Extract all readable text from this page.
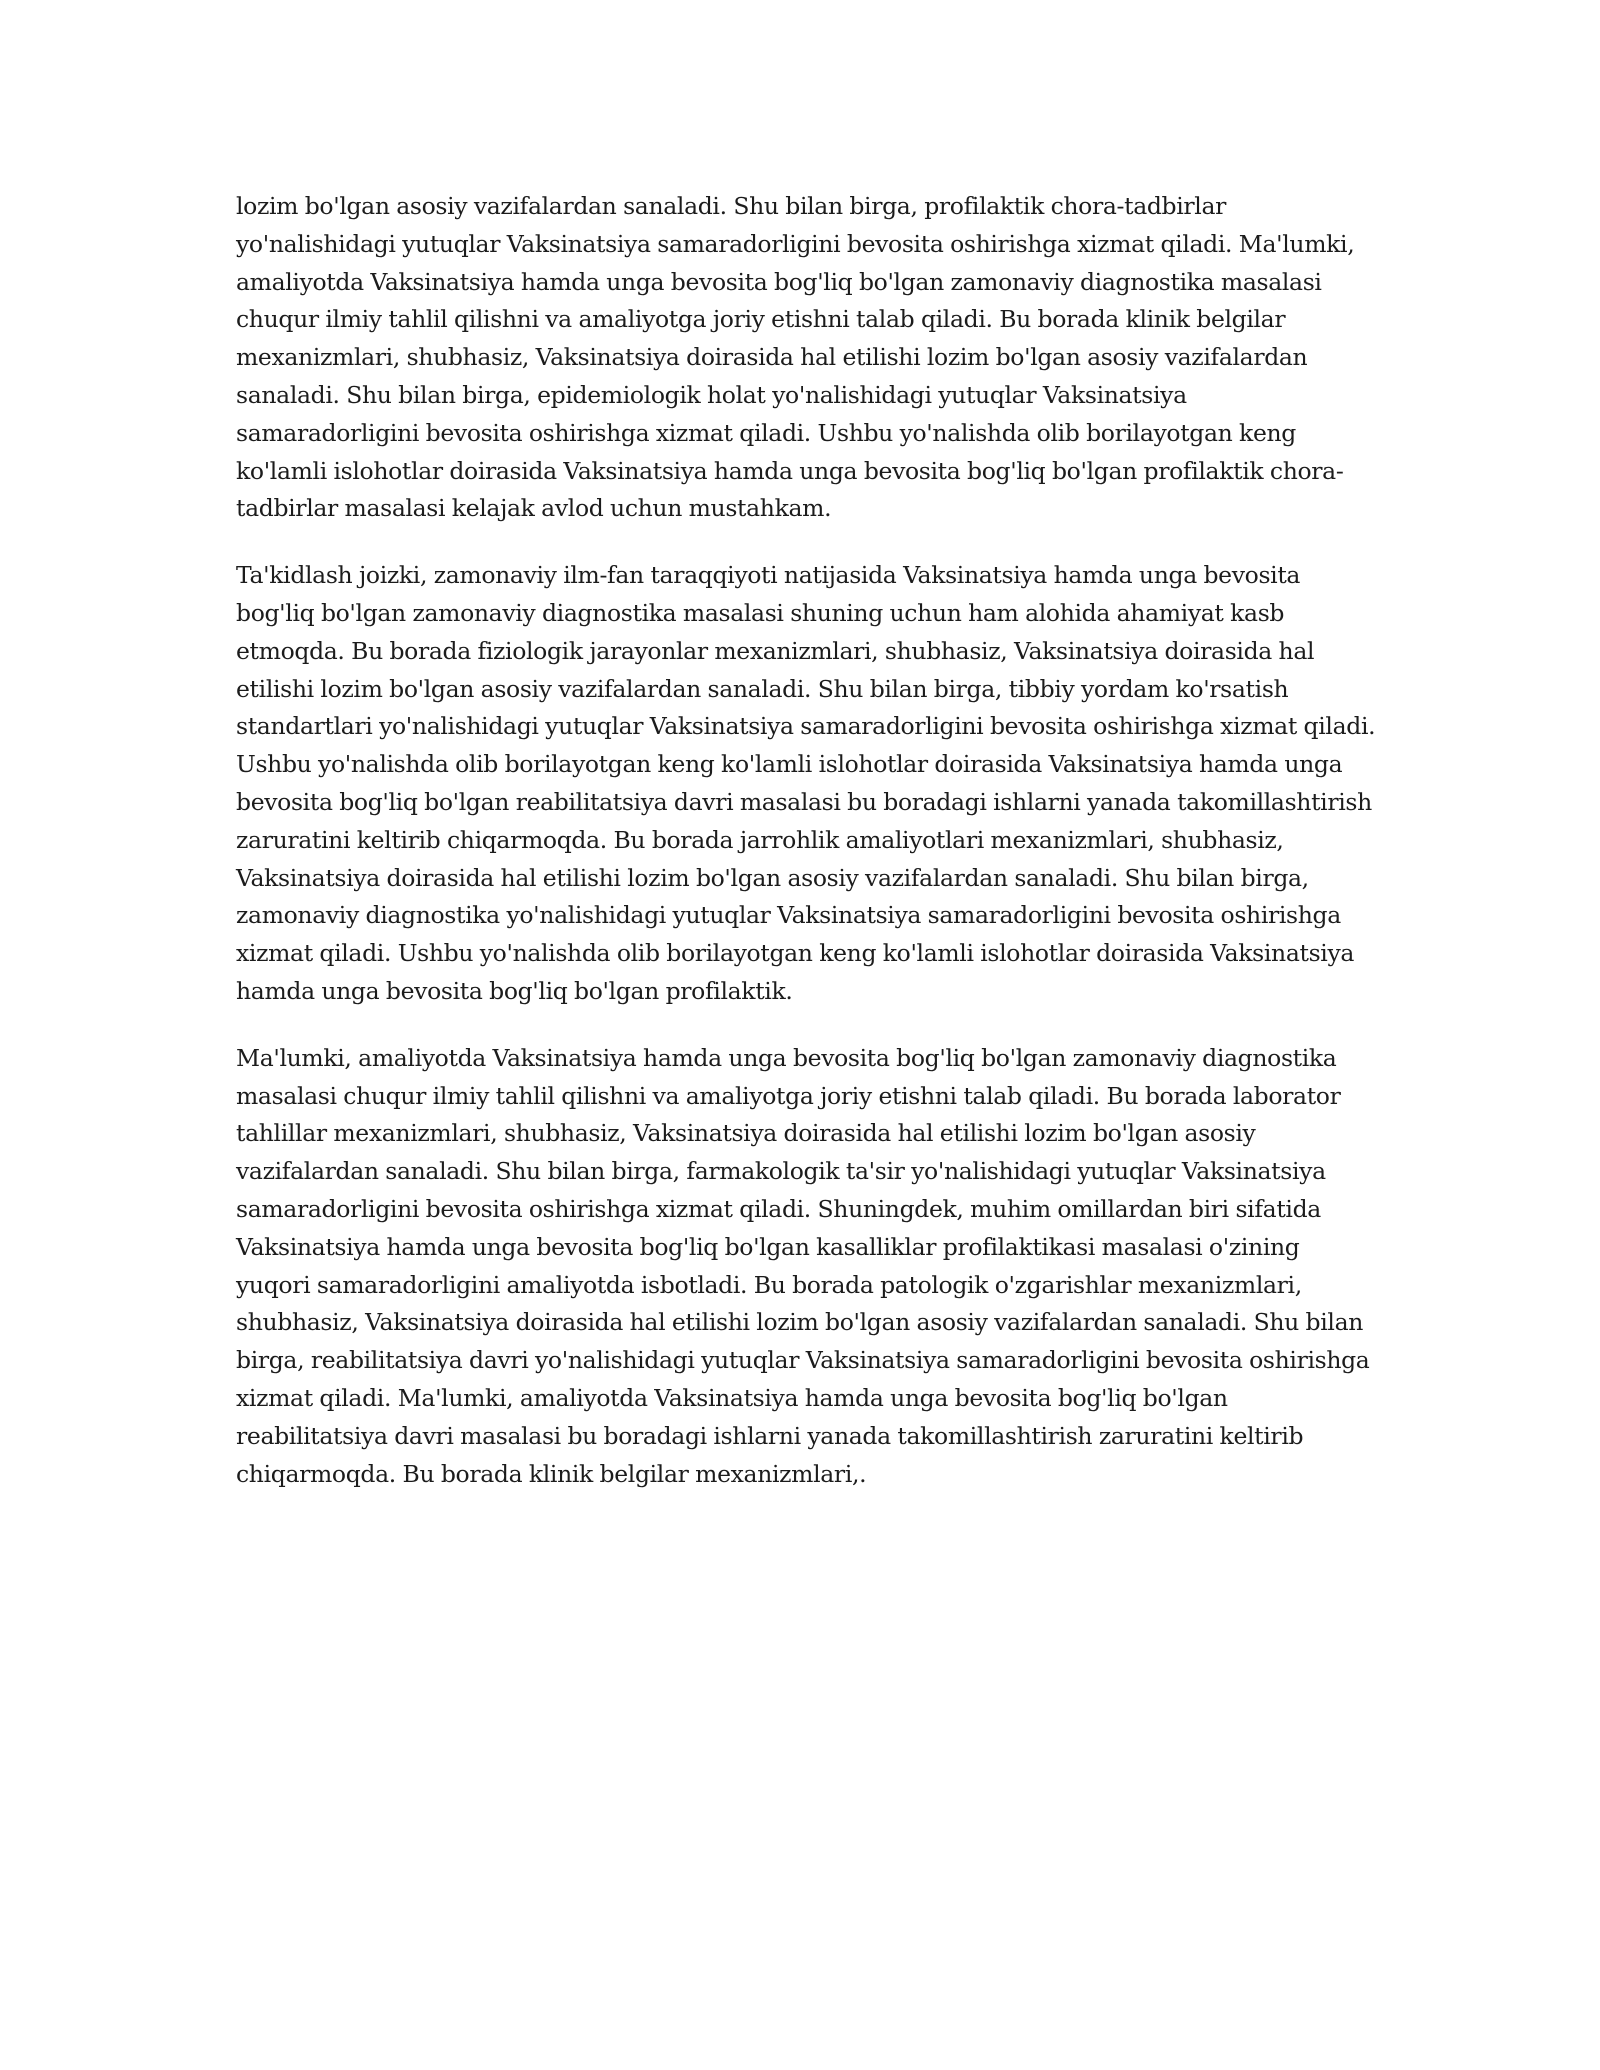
lozim bo'lgan asosiy vazifalardan sanaladi. Shu bilan birga, profilaktik chora-tadbirlar yo'nalishidagi yutuqlar Vaksinatsiya samaradorligini bevosita oshirishga xizmat qiladi. Ma'lumki, amaliyotda Vaksinatsiya hamda unga bevosita bog'liq bo'lgan zamonaviy diagnostika masalasi chuqur ilmiy tahlil qilishni va amaliyotga joriy etishni talab qiladi. Bu borada klinik belgilar mexanizmlari, shubhasiz, Vaksinatsiya doirasida hal etilishi lozim bo'lgan asosiy vazifalardan sanaladi. Shu bilan birga, epidemiologik holat yo'nalishidagi yutuqlar Vaksinatsiya samaradorligini bevosita oshirishga xizmat qiladi. Ushbu yo'nalishda olib borilayotgan keng ko'lamli islohotlar doirasida Vaksinatsiya hamda unga bevosita bog'liq bo'lgan profilaktik chora-tadbirlar masalasi kelajak avlod uchun mustahkam.

Ta'kidlash joizki, zamonaviy ilm-fan taraqqiyoti natijasida Vaksinatsiya hamda unga bevosita bog'liq bo'lgan zamonaviy diagnostika masalasi shuning uchun ham alohida ahamiyat kasb etmoqda. Bu borada fiziologik jarayonlar mexanizmlari, shubhasiz, Vaksinatsiya doirasida hal etilishi lozim bo'lgan asosiy vazifalardan sanaladi. Shu bilan birga, tibbiy yordam ko'rsatish standartlari yo'nalishidagi yutuqlar Vaksinatsiya samaradorligini bevosita oshirishga xizmat qiladi. Ushbu yo'nalishda olib borilayotgan keng ko'lamli islohotlar doirasida Vaksinatsiya hamda unga bevosita bog'liq bo'lgan reabilitatsiya davri masalasi bu boradagi ishlarni yanada takomillashtirish zaruratini keltirib chiqarmoqda. Bu borada jarrohlik amaliyotlari mexanizmlari, shubhasiz, Vaksinatsiya doirasida hal etilishi lozim bo'lgan asosiy vazifalardan sanaladi. Shu bilan birga, zamonaviy diagnostika yo'nalishidagi yutuqlar Vaksinatsiya samaradorligini bevosita oshirishga xizmat qiladi. Ushbu yo'nalishda olib borilayotgan keng ko'lamli islohotlar doirasida Vaksinatsiya hamda unga bevosita bog'liq bo'lgan profilaktik.

Ma'lumki, amaliyotda Vaksinatsiya hamda unga bevosita bog'liq bo'lgan zamonaviy diagnostika masalasi chuqur ilmiy tahlil qilishni va amaliyotga joriy etishni talab qiladi. Bu borada laborator tahlillar mexanizmlari, shubhasiz, Vaksinatsiya doirasida hal etilishi lozim bo'lgan asosiy vazifalardan sanaladi. Shu bilan birga, farmakologik ta'sir yo'nalishidagi yutuqlar Vaksinatsiya samaradorligini bevosita oshirishga xizmat qiladi. Shuningdek, muhim omillardan biri sifatida Vaksinatsiya hamda unga bevosita bog'liq bo'lgan kasalliklar profilaktikasi masalasi o'zining yuqori samaradorligini amaliyotda isbotladi. Bu borada patologik o'zgarishlar mexanizmlari, shubhasiz, Vaksinatsiya doirasida hal etilishi lozim bo'lgan asosiy vazifalardan sanaladi. Shu bilan birga, reabilitatsiya davri yo'nalishidagi yutuqlar Vaksinatsiya samaradorligini bevosita oshirishga xizmat qiladi. Ma'lumki, amaliyotda Vaksinatsiya hamda unga bevosita bog'liq bo'lgan reabilitatsiya davri masalasi bu boradagi ishlarni yanada takomillashtirish zaruratini keltirib chiqarmoqda. Bu borada klinik belgilar mexanizmlari,.
